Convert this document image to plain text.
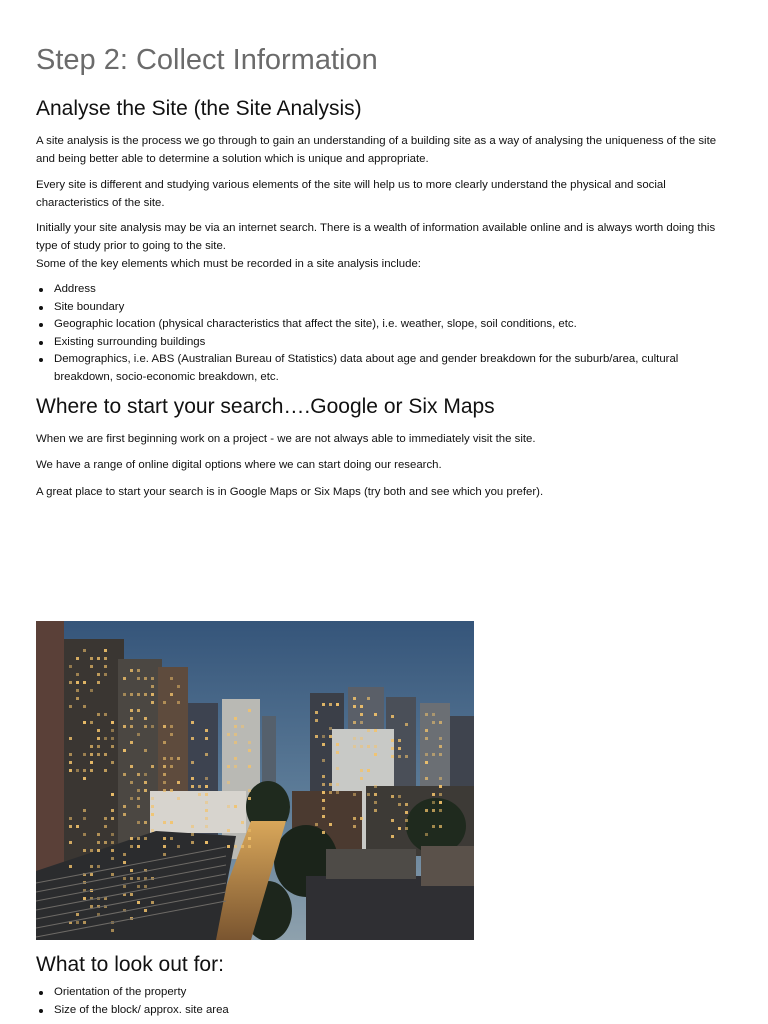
Step 2: Collect Information
Analyse the Site (the Site Analysis)

A site analysis is the process we go through to gain an understanding of a building site as a way of analysing the uniqueness of the site and being better able to determine a solution which is unique and appropriate.

Every site is different and studying various elements of the site will help us to more clearly understand the physical and social characteristics of the site.

Initially your site analysis may be via an internet search. There is a wealth of information available online and is always worth doing this type of study prior to going to the site.

Some of the key elements which must be recorded in a site analysis include:

Address
Site boundary
Geographic location (physical characteristics that affect the site), i.e. weather, slope, soil conditions, etc.
Existing surrounding buildings
Demographics, i.e. ABS (Australian Bureau of Statistics) data about age and gender breakdown for the suburb/area, cultural breakdown, socio-economic breakdown, etc.
Where to start your search….Google or Six Maps

When we are first beginning work on a project - we are not always able to immediately visit the site.

We have a range of online digital options where we can start doing our research.

A great place to start your search is in Google Maps or Six Maps (try both and see which you prefer).

What to look out for:
Orientation of the property
Size of the block/ approx. site area
